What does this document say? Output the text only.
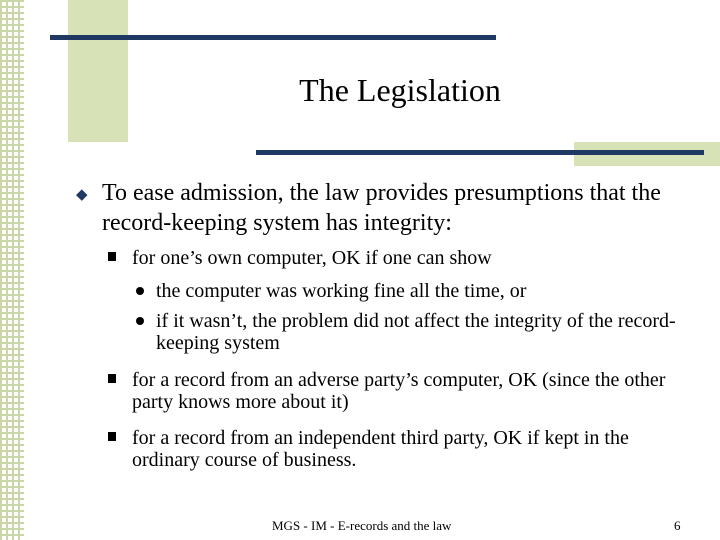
The Legislation
◆ To ease admission, the law provides presumptions that the record-keeping system has integrity:
for one’s own computer, OK if one can show
the computer was working fine all the time, or
if it wasn’t, the problem did not affect the integrity of the record-keeping system
for a record from an adverse party’s computer, OK (since the other party knows more about it)
for a record from an independent third party, OK if kept in the ordinary course of business.
MGS - IM - E-records and the law	6
